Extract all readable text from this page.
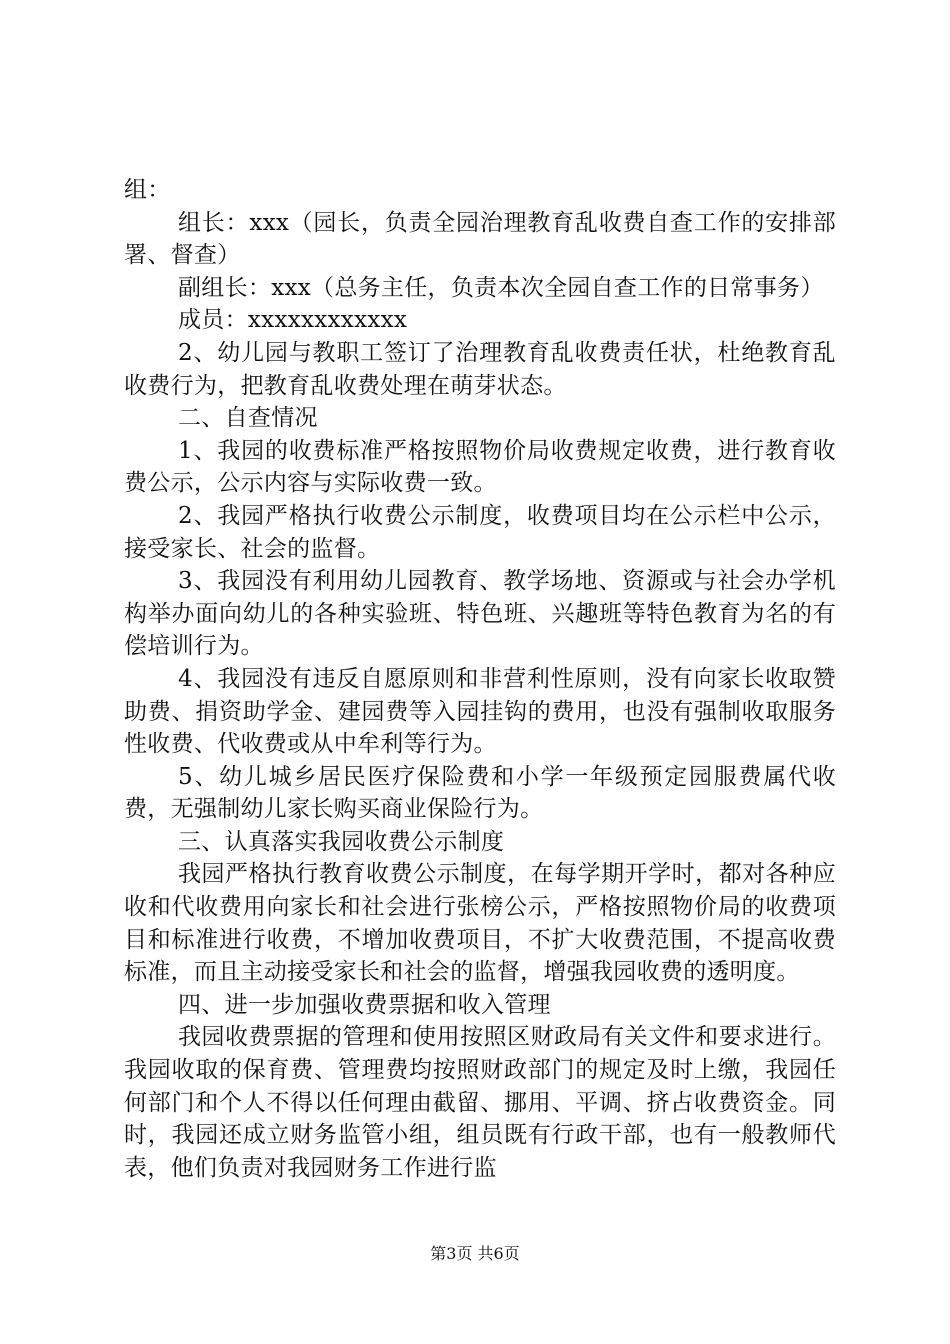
组：

组长：xxx（园长，负责全园治理教育乱收费自查工作的安排部署、督查）

副组长：xxx（总务主任，负责本次全园自查工作的日常事务）

成员：xxxxxxxxxxxx

2、幼儿园与教职工签订了治理教育乱收费责任状，杜绝教育乱收费行为，把教育乱收费处理在萌芽状态。

二、自查情况

1、我园的收费标准严格按照物价局收费规定收费，进行教育收费公示，公示内容与实际收费一致。

2、我园严格执行收费公示制度，收费项目均在公示栏中公示，接受家长、社会的监督。

3、我园没有利用幼儿园教育、教学场地、资源或与社会办学机构举办面向幼儿的各种实验班、特色班、兴趣班等特色教育为名的有偿培训行为。

4、我园没有违反自愿原则和非营利性原则，没有向家长收取赞助费、捐资助学金、建园费等入园挂钩的费用，也没有强制收取服务性收费、代收费或从中牟利等行为。

5、幼儿城乡居民医疗保险费和小学一年级预定园服费属代收费，无强制幼儿家长购买商业保险行为。

三、认真落实我园收费公示制度

我园严格执行教育收费公示制度，在每学期开学时，都对各种应收和代收费用向家长和社会进行张榜公示，严格按照物价局的收费项目和标准进行收费，不增加收费项目，不扩大收费范围，不提高收费标准，而且主动接受家长和社会的监督，增强我园收费的透明度。

四、进一步加强收费票据和收入管理

我园收费票据的管理和使用按照区财政局有关文件和要求进行。我园收取的保育费、管理费均按照财政部门的规定及时上缴，我园任何部门和个人不得以任何理由截留、挪用、平调、挤占收费资金。同时，我园还成立财务监管小组，组员既有行政干部，也有一般教师代表，他们负责对我园财务工作进行监

第3页 共6页
